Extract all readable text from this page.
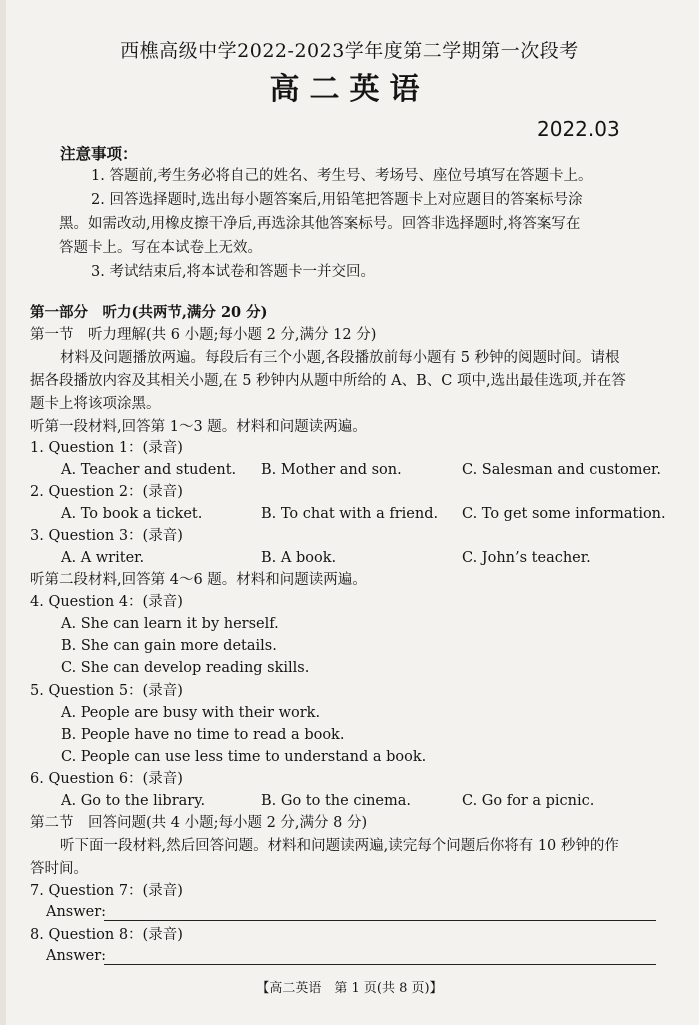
西樵高级中学2022-2023学年度第二学期第一次段考
高二英语
2022.03
注意事项：
1. 答题前,考生务必将自己的姓名、考生号、考场号、座位号填写在答题卡上。
2. 回答选择题时,选出每小题答案后,用铅笔把答题卡上对应题目的答案标号涂
黑。如需改动,用橡皮擦干净后,再选涂其他答案标号。回答非选择题时,将答案写在
答题卡上。写在本试卷上无效。
3. 考试结束后,将本试卷和答题卡一并交回。
第一部分　听力(共两节,满分 20 分)
第一节　听力理解(共 6 小题;每小题 2 分,满分 12 分)
材料及问题播放两遍。每段后有三个小题,各段播放前每小题有 5 秒钟的阅题时间。请根
据各段播放内容及其相关小题,在 5 秒钟内从题中所给的 A、B、C 项中,选出最佳选项,并在答
题卡上将该项涂黑。
听第一段材料,回答第 1～3 题。材料和问题读两遍。
1. Question 1：(录音)
A. Teacher and student. B. Mother and son.	C. Salesman and customer.
2. Question 2：(录音)
A. To book a ticket.	B. To chat with a friend. C. To get some information.
3. Question 3：(录音)
A. A writer.	B. A book.	C. John’s teacher.
听第二段材料,回答第 4～6 题。材料和问题读两遍。
4. Question 4：(录音)
A. She can learn it by herself.
B. She can gain more details.
C. She can develop reading skills.
5. Question 5：(录音)
A. People are busy with their work.
B. People have no time to read a book.
C. People can use less time to understand a book.
6. Question 6：(录音)
A. Go to the library.	B. Go to the cinema.	C. Go for a picnic.
第二节　回答问题(共 4 小题;每小题 2 分,满分 8 分)
听下面一段材料,然后回答问题。材料和问题读两遍,读完每个问题后你将有 10 秒钟的作
答时间。
7. Question 7：(录音)
Answer:
8. Question 8：(录音)
Answer:
【高二英语　第 1 页(共 8 页)】
